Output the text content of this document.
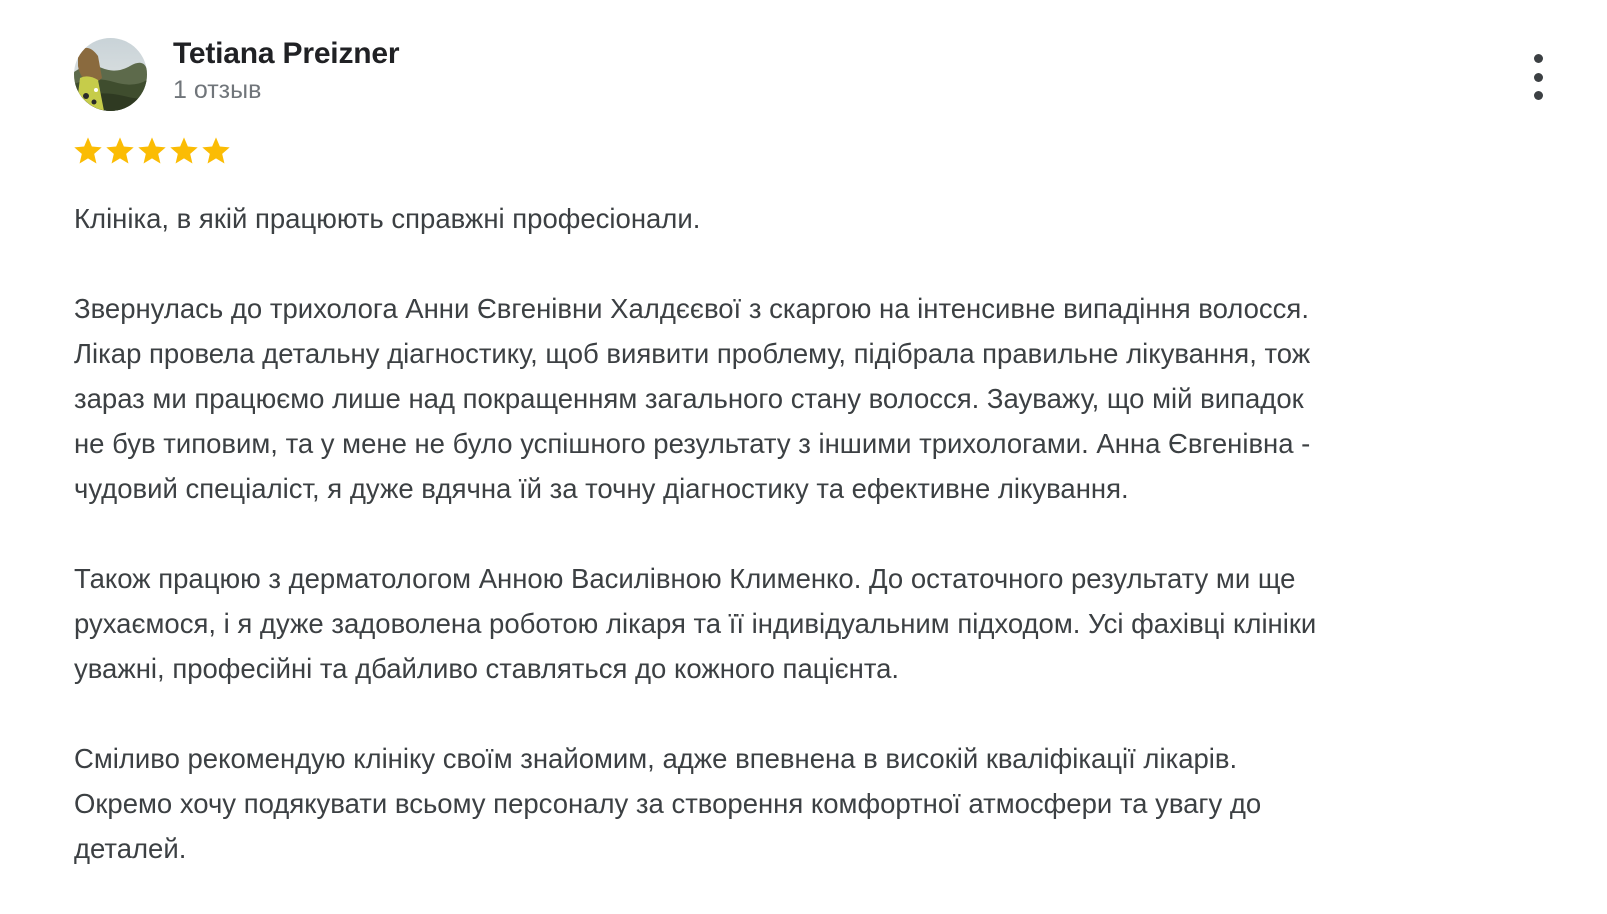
Tetiana Preizner
1 отзыв

Клініка, в якій працюють справжні професіонали.

Звернулась до трихолога Анни Євгенівни Халдєєвої з скаргою на інтенсивне випадіння волосся.
Лікар провела детальну діагностику, щоб виявити проблему, підібрала правильне лікування, тож
зараз ми працюємо лише над покращенням загального стану волосся. Зауважу, що мій випадок
не був типовим, та у мене не було успішного результату з іншими трихологами. Анна Євгенівна -
чудовий спеціаліст, я дуже вдячна їй за точну діагностику та ефективне лікування.

Також працюю з дерматологом Анною Василівною Клименко. До остаточного результату ми ще
рухаємося, і я дуже задоволена роботою лікаря та її індивідуальним підходом. Усі фахівці клініки
уважні, професійні та дбайливо ставляться до кожного пацієнта.

Сміливо рекомендую клініку своїм знайомим, адже впевнена в високій кваліфікації лікарів.
Окремо хочу подякувати всьому персоналу за створення комфортної атмосфери та увагу до
деталей.
